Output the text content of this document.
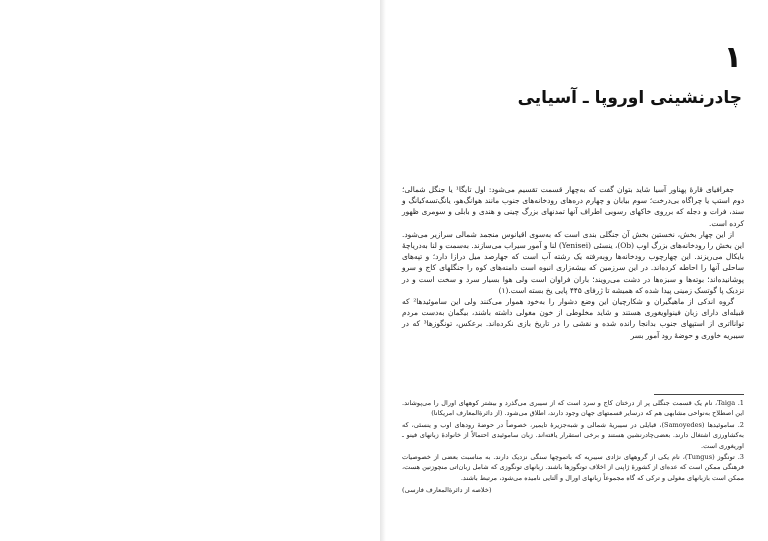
۱
چادرنشینی اوروپا ـ آسیایی

جغرافیای قارهٔ پهناور آسیا شاید بتوان گفت که به‌چهار قسمت تقسیم می‌شود: اول تایگا¹ یا جنگل شمالی؛ دوم استپ یا چراگاه بی‌درخت؛ سوم بیابان و چهارم دره‌های رودخانه‌های جنوب مانند هوانگ‌هو، یانگ‌تسه‌کیانگ و سند، فرات و دجله که برروی خاکهای رسوبی اطراف آنها تمدنهای بزرگ چینی و هندی و بابلی و سومری ظهور کرده است.

از این چهار بخش، نخستین بخش آن جنگلی بندی است که به‌سوی اقیانوس منجمد شمالی سرازیر می‌شود. این بخش را رودخانه‌های بزرگ اوب (Ob)، ینسئی (Yenisei) لنا و آمور سیراب می‌سازند. به‌سمت و لنا به‌دریاچهٔ بایکال می‌ریزند. این چهارچوب رودخانه‌ها روبه‌رفته یک رشته آب است که جهارصد میل درازا دارد؛ و تپه‌های ساحلی آنها را احاطه کرده‌اند. در این سرزمین که بیشه‌زاری انبوه است دامنه‌های کوه را جنگلهای کاج و سرو پوشانیده‌اند؛ بوته‌ها و سبزه‌ها در دشت می‌رویند؛ باران فراوان است ولی هوا بسیار سرد و سخت است و در نزدیک پا گوتسک زمینی پیدا شده که همیشه تا ژرفای ۴۴۵ پایی یخ بسته است.(۱)

گروه اندکی از ماهیگیران و شکارچیان این وضع دشوار را به‌خود هموار می‌کنند ولی این ساموئیدها² که قبیله‌ای دارای زبان فینواویغوری هستند و شاید مخلوطی از خون مغولی داشته باشند، بیگمان به‌دست مردم توانااتری از استپهای جنوب بدانجا رانده شده و نقشی را در تاریخ بازی نکرده‌اند. برعکس، تونگوزها³ که در سیبریه خاوری و حوضهٔ رود آمور بسر

1. Taiga، نام یک قسمت جنگلی پر از درختان کاج و سرد است که از سیبری می‌گذرد و بیشتر کوههای اورال را می‌پوشاند. این اصطلاح به‌نواحی مشابهی هم که درسایر قسمتهای جهان وجود دارند، اطلاق می‌شود. (از دائرة‌المعارف امریکانا)

2. ساموئیدها (Samoyedes)، قبایلی در سیبریهٔ شمالی و شبه‌جزیرهٔ تایمیر، خصوصاً در حوضهٔ رودهای اوب و ینسئی، که به‌کشاورزی اشتغال دارند. بعضی‌چادرنشین هستند و برخی استقرار یافته‌اند. زبان ساموئیدی احتمالاً از خانوادهٔ زبانهای فینو ـ اوریغوری است.

3. تونگوز (Tungus)، نام یکی از گروههای نژادی سیبریه که باتموچها سنگی نزدیک دارند. به مناسبت بعضی از خصوصیات فرهنگی ممکن است که عده‌ای از کشورهٔ ژاپنی از اخلاف تونگوزها باشند. زبانهای تونگوزی که شامل زبان‌اتی منچوزنین هست، ممکن است بازبانهای مغولی و ترکی که گاه مجموعاً زبانهای اورال و آلتایی نامیده می‌شود، مرتبط باشند.

(خلاصه از دائرة‌المعارف فارسی)
